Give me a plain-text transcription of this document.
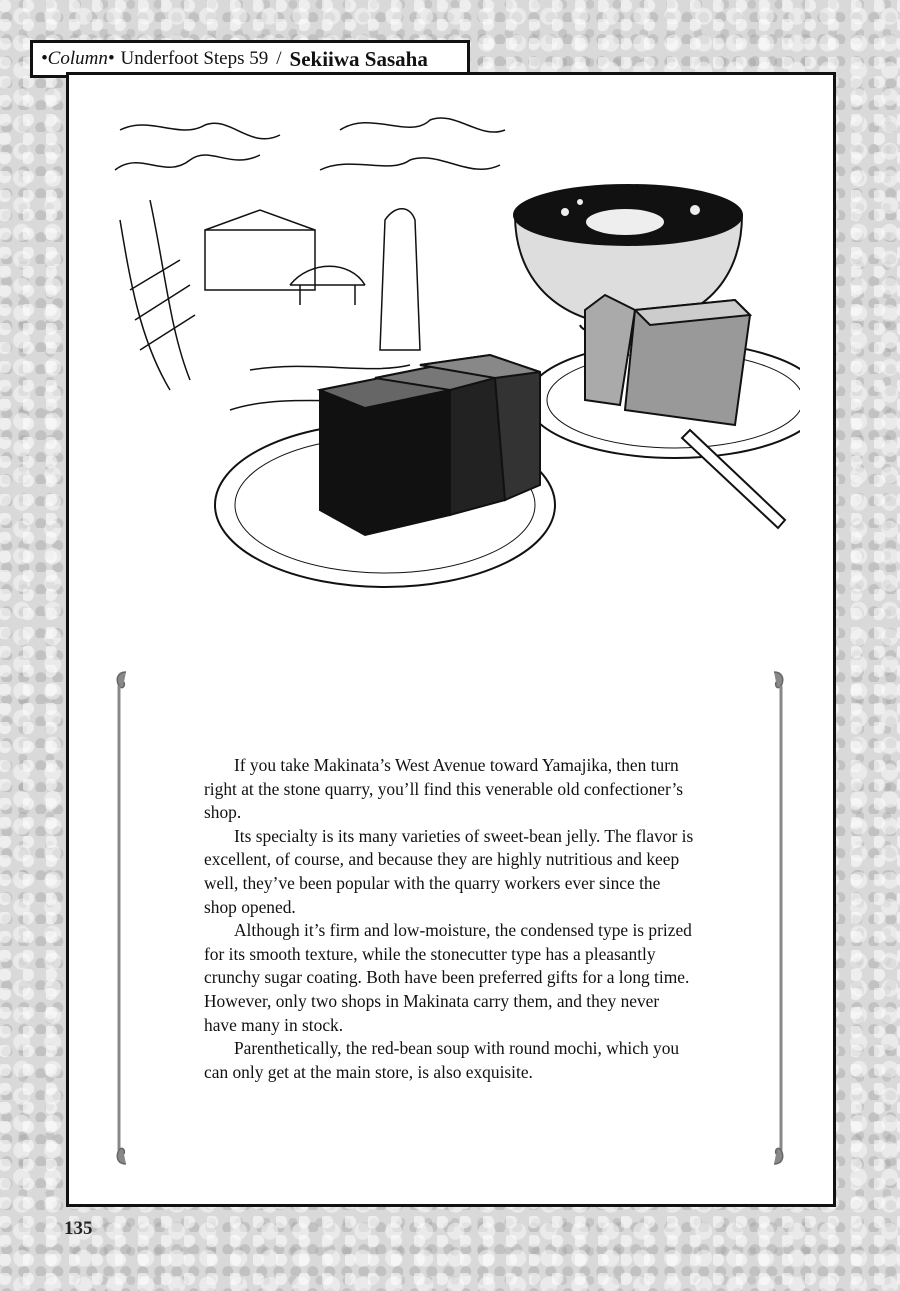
•Column• Underfoot Steps 59 / Sekiiwa Sasaha

If you take Makinata’s West Avenue toward Yamajika, then turn right at the stone quarry, you’ll find this venerable old confectioner’s shop.

Its specialty is its many varieties of sweet-bean jelly. The flavor is excellent, of course, and because they are highly nutritious and keep well, they’ve been popular with the quarry workers ever since the shop opened.

Although it’s firm and low-moisture, the condensed type is prized for its smooth texture, while the stonecutter type has a pleasantly crunchy sugar coating. Both have been preferred gifts for a long time. However, only two shops in Makinata carry them, and they never have many in stock.

Parenthetically, the red-bean soup with round mochi, which you can only get at the main store, is also exquisite.

135
